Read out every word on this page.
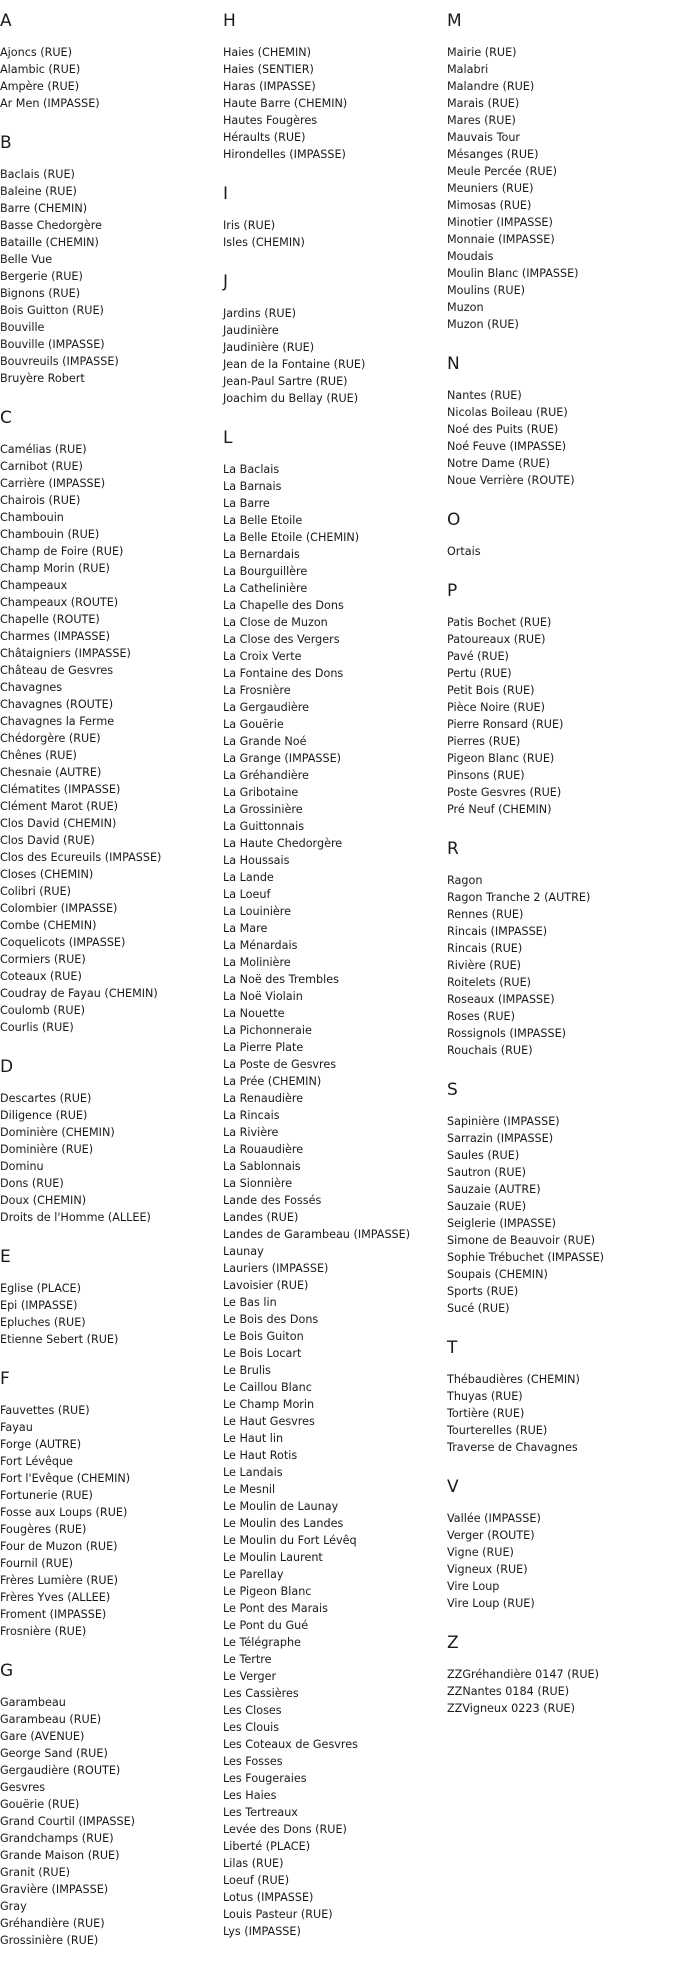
A
Ajoncs (RUE)
Alambic (RUE)
Ampère (RUE)
Ar Men (IMPASSE)
B
Baclais (RUE)
Baleine (RUE)
Barre (CHEMIN)
Basse Chedorgère
Bataille (CHEMIN)
Belle Vue
Bergerie (RUE)
Bignons (RUE)
Bois Guitton (RUE)
Bouville
Bouville (IMPASSE)
Bouvreuils (IMPASSE)
Bruyère Robert
C
Camélias (RUE)
Carnibot (RUE)
Carrière (IMPASSE)
Chairois (RUE)
Chambouin
Chambouin (RUE)
Champ de Foire (RUE)
Champ Morin (RUE)
Champeaux
Champeaux (ROUTE)
Chapelle (ROUTE)
Charmes (IMPASSE)
Châtaigniers (IMPASSE)
Château de Gesvres
Chavagnes
Chavagnes (ROUTE)
Chavagnes la Ferme
Chédorgère (RUE)
Chênes (RUE)
Chesnaie (AUTRE)
Clématites (IMPASSE)
Clément Marot (RUE)
Clos David (CHEMIN)
Clos David (RUE)
Clos des Ecureuils (IMPASSE)
Closes (CHEMIN)
Colibri (RUE)
Colombier (IMPASSE)
Combe (CHEMIN)
Coquelicots (IMPASSE)
Cormiers (RUE)
Coteaux (RUE)
Coudray de Fayau (CHEMIN)
Coulomb (RUE)
Courlis (RUE)
D
Descartes (RUE)
Diligence (RUE)
Dominière (CHEMIN)
Dominière (RUE)
Dominu
Dons (RUE)
Doux (CHEMIN)
Droits de l'Homme (ALLEE)
E
Eglise (PLACE)
Epi (IMPASSE)
Epluches (RUE)
Etienne Sebert (RUE)
F
Fauvettes (RUE)
Fayau
Forge (AUTRE)
Fort Lévêque
Fort l'Evêque (CHEMIN)
Fortunerie (RUE)
Fosse aux Loups (RUE)
Fougères (RUE)
Four de Muzon (RUE)
Fournil (RUE)
Frères Lumière (RUE)
Frères Yves (ALLEE)
Froment (IMPASSE)
Frosnière (RUE)
G
Garambeau
Garambeau (RUE)
Gare (AVENUE)
George Sand (RUE)
Gergaudière (ROUTE)
Gesvres
Gouërie (RUE)
Grand Courtil (IMPASSE)
Grandchamps (RUE)
Grande Maison (RUE)
Granit (RUE)
Gravière (IMPASSE)
Gray
Gréhandière (RUE)
Grossinière (RUE)
H
Haies (CHEMIN)
Haies (SENTIER)
Haras (IMPASSE)
Haute Barre (CHEMIN)
Hautes Fougères
Héraults (RUE)
Hirondelles (IMPASSE)
I
Iris (RUE)
Isles (CHEMIN)
J
Jardins (RUE)
Jaudinière
Jaudinière (RUE)
Jean de la Fontaine (RUE)
Jean-Paul Sartre (RUE)
Joachim du Bellay (RUE)
L
La Baclais
La Barnais
La Barre
La Belle Etoile
La Belle Etoile (CHEMIN)
La Bernardais
La Bourguillère
La Cathelinière
La Chapelle des Dons
La Close de Muzon
La Close des Vergers
La Croix Verte
La Fontaine des Dons
La Frosnière
La Gergaudière
La Gouërie
La Grande Noé
La Grange (IMPASSE)
La Gréhandière
La Gribotaine
La Grossinière
La Guittonnais
La Haute Chedorgère
La Houssais
La Lande
La Loeuf
La Louinière
La Mare
La Ménardais
La Molinière
La Noë des Trembles
La Noë Violain
La Nouette
La Pichonneraie
La Pierre Plate
La Poste de Gesvres
La Prée (CHEMIN)
La Renaudière
La Rincais
La Rivière
La Rouaudière
La Sablonnais
La Sionnière
Lande des Fossés
Landes (RUE)
Landes de Garambeau (IMPASSE)
Launay
Lauriers (IMPASSE)
Lavoisier (RUE)
Le Bas lin
Le Bois des Dons
Le Bois Guiton
Le Bois Locart
Le Brulis
Le Caillou Blanc
Le Champ Morin
Le Haut Gesvres
Le Haut lin
Le Haut Rotis
Le Landais
Le Mesnil
Le Moulin de Launay
Le Moulin des Landes
Le Moulin du Fort Lévêq
Le Moulin Laurent
Le Parellay
Le Pigeon Blanc
Le Pont des Marais
Le Pont du Gué
Le Télégraphe
Le Tertre
Le Verger
Les Cassières
Les Closes
Les Clouis
Les Coteaux de Gesvres
Les Fosses
Les Fougeraies
Les Haies
Les Tertreaux
Levée des Dons (RUE)
Liberté (PLACE)
Lilas (RUE)
Loeuf (RUE)
Lotus (IMPASSE)
Louis Pasteur (RUE)
Lys (IMPASSE)
M
Mairie (RUE)
Malabri
Malandre (RUE)
Marais (RUE)
Mares (RUE)
Mauvais Tour
Mésanges (RUE)
Meule Percée (RUE)
Meuniers (RUE)
Mimosas (RUE)
Minotier (IMPASSE)
Monnaie (IMPASSE)
Moudais
Moulin Blanc (IMPASSE)
Moulins (RUE)
Muzon
Muzon (RUE)
N
Nantes (RUE)
Nicolas Boileau (RUE)
Noé des Puits (RUE)
Noé Feuve (IMPASSE)
Notre Dame (RUE)
Noue Verrière (ROUTE)
O
Ortais
P
Patis Bochet (RUE)
Patoureaux (RUE)
Pavé (RUE)
Pertu (RUE)
Petit Bois (RUE)
Pièce Noire (RUE)
Pierre Ronsard (RUE)
Pierres (RUE)
Pigeon Blanc (RUE)
Pinsons (RUE)
Poste Gesvres (RUE)
Pré Neuf (CHEMIN)
R
Ragon
Ragon Tranche 2 (AUTRE)
Rennes (RUE)
Rincais (IMPASSE)
Rincais (RUE)
Rivière (RUE)
Roitelets (RUE)
Roseaux (IMPASSE)
Roses (RUE)
Rossignols (IMPASSE)
Rouchais (RUE)
S
Sapinière (IMPASSE)
Sarrazin (IMPASSE)
Saules (RUE)
Sautron (RUE)
Sauzaie (AUTRE)
Sauzaie (RUE)
Seiglerie (IMPASSE)
Simone de Beauvoir (RUE)
Sophie Trébuchet (IMPASSE)
Soupais (CHEMIN)
Sports (RUE)
Sucé (RUE)
T
Thébaudières (CHEMIN)
Thuyas (RUE)
Tortière (RUE)
Tourterelles (RUE)
Traverse de Chavagnes
V
Vallée (IMPASSE)
Verger (ROUTE)
Vigne (RUE)
Vigneux (RUE)
Vire Loup
Vire Loup (RUE)
Z
ZZGréhandière 0147 (RUE)
ZZNantes 0184 (RUE)
ZZVigneux 0223 (RUE)
